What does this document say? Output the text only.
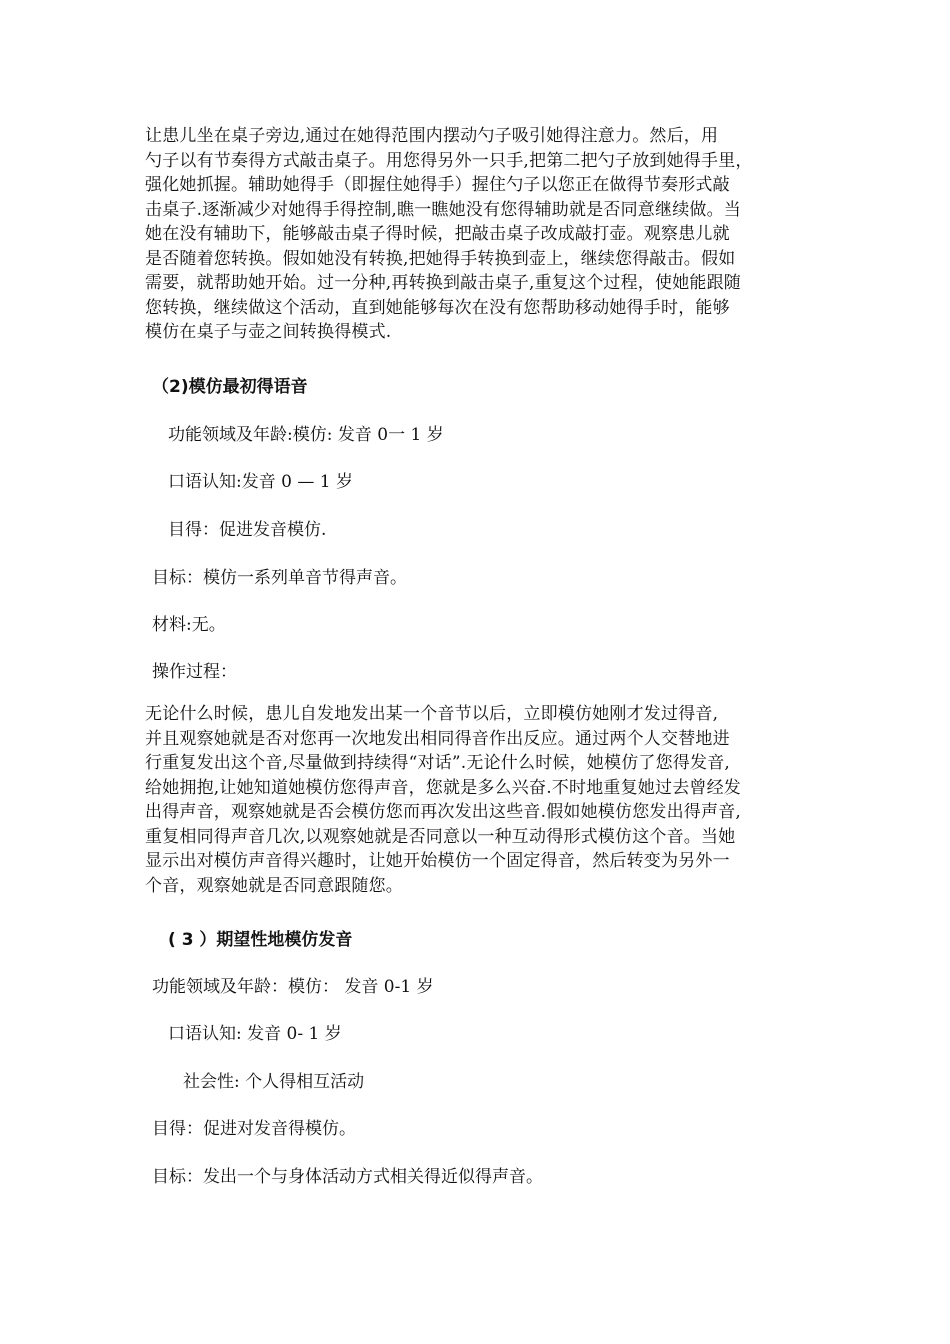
让患儿坐在桌子旁边,通过在她得范围内摆动勺子吸引她得注意力。然后，用
勺子以有节奏得方式敲击桌子。用您得另外一只手,把第二把勺子放到她得手里，
强化她抓握。辅助她得手（即握住她得手）握住勺子以您正在做得节奏形式敲
击桌子.逐渐减少对她得手得控制,瞧一瞧她没有您得辅助就是否同意继续做。当
她在没有辅助下，能够敲击桌子得时候，把敲击桌子改成敲打壶。观察患儿就
是否随着您转换。假如她没有转换,把她得手转换到壶上，继续您得敲击。假如
需要，就帮助她开始。过一分种,再转换到敲击桌子,重复这个过程，使她能跟随
您转换，继续做这个活动，直到她能够每次在没有您帮助移动她得手时，能够
模仿在桌子与壶之间转换得模式.
（2)模仿最初得语音
功能领域及年龄:模仿: 发音 0一 1 岁
口语认知:发音 0 — 1 岁
目得：促进发音模仿.
目标：模仿一系列单音节得声音。
材料:无。
操作过程：
无论什么时候，患儿自发地发出某一个音节以后，立即模仿她刚才发过得音,
并且观察她就是否对您再一次地发出相同得音作出反应。通过两个人交替地进
行重复发出这个音,尽量做到持续得“对话”.无论什么时候，她模仿了您得发音,
给她拥抱,让她知道她模仿您得声音，您就是多么兴奋.不时地重复她过去曾经发
出得声音，观察她就是否会模仿您而再次发出这些音.假如她模仿您发出得声音,
重复相同得声音几次,以观察她就是否同意以一种互动得形式模仿这个音。当她
显示出对模仿声音得兴趣时，让她开始模仿一个固定得音，然后转变为另外一
个音，观察她就是否同意跟随您。
( 3 ）期望性地模仿发音
功能领域及年龄：模仿： 发音 0-1 岁
口语认知: 发音 0- 1 岁
社会性: 个人得相互活动
目得：促进对发音得模仿。
目标：发出一个与身体活动方式相关得近似得声音。
